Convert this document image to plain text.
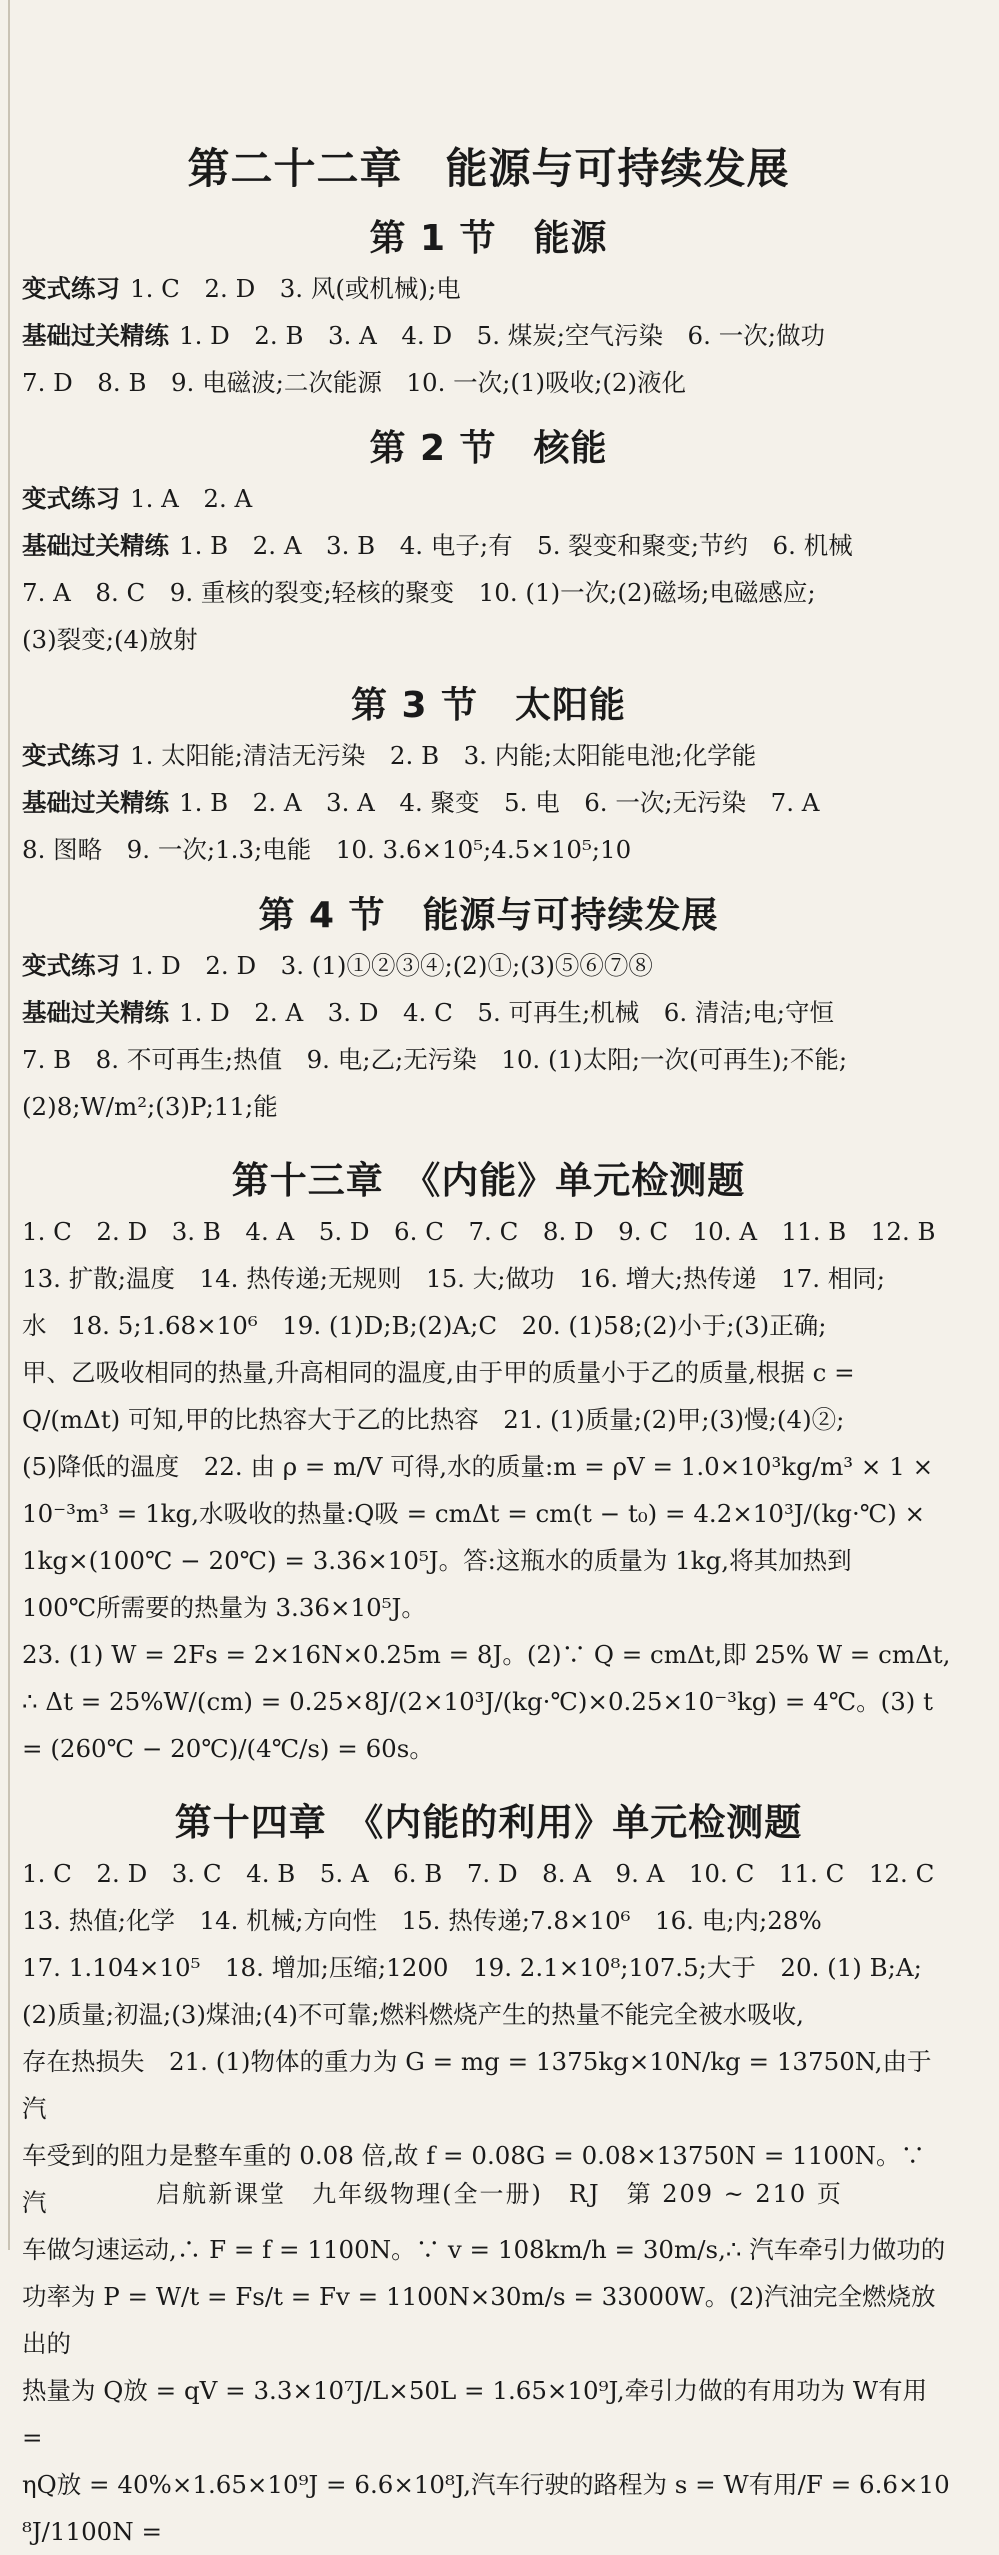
第二十二章　能源与可持续发展
第 1 节　能源

变式练习 1. C　2. D　3. 风(或机械);电

基础过关精练 1. D　2. B　3. A　4. D　5. 煤炭;空气污染　6. 一次;做功

7. D　8. B　9. 电磁波;二次能源　10. 一次;(1)吸收;(2)液化

第 2 节　核能

变式练习 1. A　2. A

基础过关精练 1. B　2. A　3. B　4. 电子;有　5. 裂变和聚变;节约　6. 机械

7. A　8. C　9. 重核的裂变;轻核的聚变　10. (1)一次;(2)磁场;电磁感应;

(3)裂变;(4)放射

第 3 节　太阳能

变式练习 1. 太阳能;清洁无污染　2. B　3. 内能;太阳能电池;化学能

基础过关精练 1. B　2. A　3. A　4. 聚变　5. 电　6. 一次;无污染　7. A

8. 图略　9. 一次;1.3;电能　10. 3.6×10⁵;4.5×10⁵;10

第 4 节　能源与可持续发展

变式练习 1. D　2. D　3. (1)①②③④;(2)①;(3)⑤⑥⑦⑧

基础过关精练 1. D　2. A　3. D　4. C　5. 可再生;机械　6. 清洁;电;守恒

7. B　8. 不可再生;热值　9. 电;乙;无污染　10. (1)太阳;一次(可再生);不能;

(2)8;W/m²;(3)P;11;能

第十三章　《内能》单元检测题

1. C　2. D　3. B　4. A　5. D　6. C　7. C　8. D　9. C　10. A　11. B　12. B

13. 扩散;温度　14. 热传递;无规则　15. 大;做功　16. 增大;热传递　17. 相同;

水　18. 5;1.68×10⁶　19. (1)D;B;(2)A;C　20. (1)58;(2)小于;(3)正确;

甲、乙吸收相同的热量,升高相同的温度,由于甲的质量小于乙的质量,根据 c =

Q/(mΔt) 可知,甲的比热容大于乙的比热容　21. (1)质量;(2)甲;(3)慢;(4)②;

(5)降低的温度　22. 由 ρ = m/V 可得,水的质量:m = ρV = 1.0×10³kg/m³ × 1 ×

10⁻³m³ = 1kg,水吸收的热量:Q吸 = cmΔt = cm(t − t₀) = 4.2×10³J/(kg·℃) ×

1kg×(100℃ − 20℃) = 3.36×10⁵J。答:这瓶水的质量为 1kg,将其加热到

100℃所需要的热量为 3.36×10⁵J。

23. (1) W = 2Fs = 2×16N×0.25m = 8J。(2)∵ Q = cmΔt,即 25% W = cmΔt,

∴ Δt = 25%W/(cm) = 0.25×8J/(2×10³J/(kg·℃)×0.25×10⁻³kg) = 4℃。(3) t = (260℃ − 20℃)/(4℃/s) = 60s。

第十四章　《内能的利用》单元检测题

1. C　2. D　3. C　4. B　5. A　6. B　7. D　8. A　9. A　10. C　11. C　12. C

13. 热值;化学　14. 机械;方向性　15. 热传递;7.8×10⁶　16. 电;内;28%

17. 1.104×10⁵　18. 增加;压缩;1200　19. 2.1×10⁸;107.5;大于　20. (1) B;A;

(2)质量;初温;(3)煤油;(4)不可靠;燃料燃烧产生的热量不能完全被水吸收,

存在热损失　21. (1)物体的重力为 G = mg = 1375kg×10N/kg = 13750N,由于汽

车受到的阻力是整车重的 0.08 倍,故 f = 0.08G = 0.08×13750N = 1100N。∵ 汽

车做匀速运动,∴ F = f = 1100N。∵ v = 108km/h = 30m/s,∴ 汽车牵引力做功的

功率为 P = W/t = Fs/t = Fv = 1100N×30m/s = 33000W。(2)汽油完全燃烧放出的

热量为 Q放 = qV = 3.3×10⁷J/L×50L = 1.65×10⁹J,牵引力做的有用功为 W有用 =

ηQ放 = 40%×1.65×10⁹J = 6.6×10⁸J,汽车行驶的路程为 s = W有用/F = 6.6×10⁸J/1100N =

启航新课堂　九年级物理(全一册)　RJ　第 209 ~ 210 页
